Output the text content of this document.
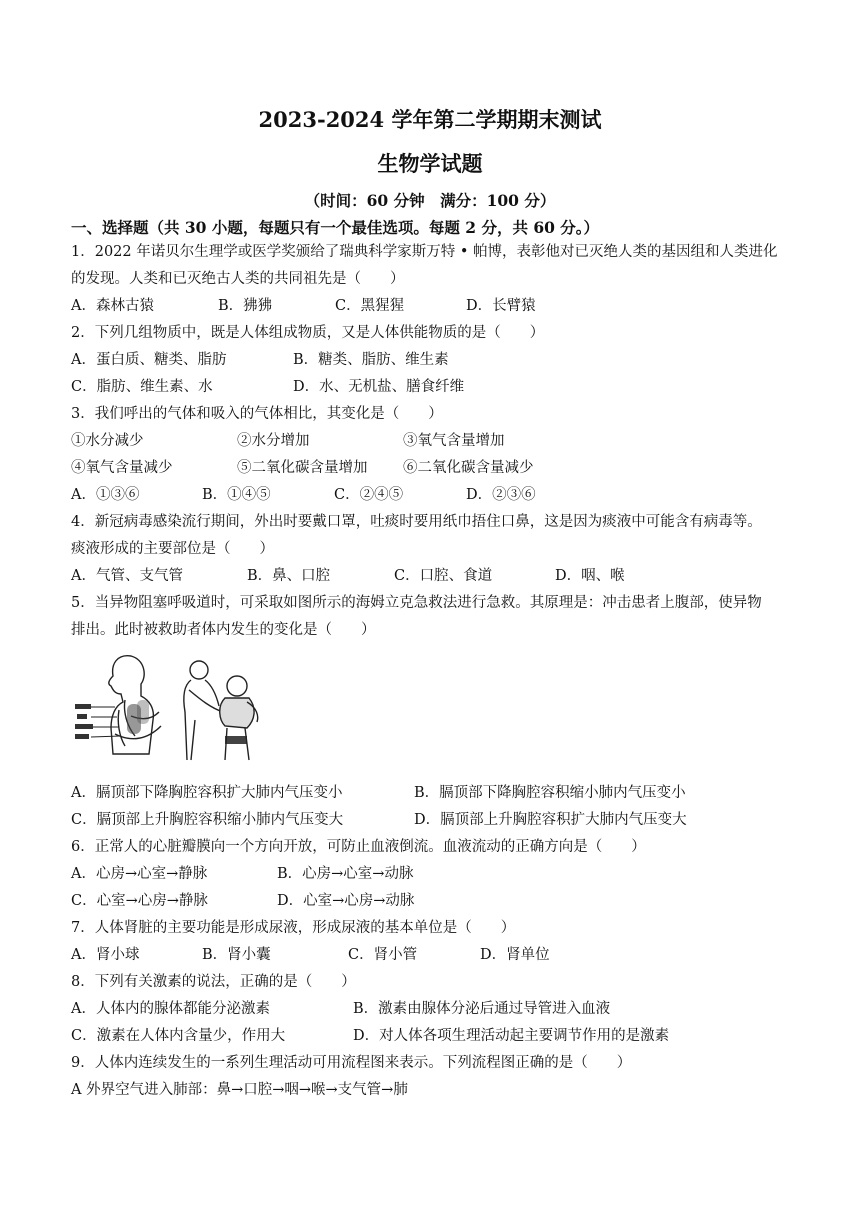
2023-2024 学年第二学期期末测试
生物学试题
（时间：60 分钟　满分：100 分）
一、选择题（共 30 小题，每题只有一个最佳选项。每题 2 分，共 60 分。）
1．2022 年诺贝尔生理学或医学奖颁给了瑞典科学家斯万特 • 帕博，表彰他对已灭绝人类的基因组和人类进化
的发现。人类和已灭绝古人类的共同祖先是（　　）
A．森林古猿	B．狒狒	C．黑猩猩	D．长臂猿
2．下列几组物质中，既是人体组成物质，又是人体供能物质的是（　　）
A．蛋白质、糖类、脂肪	B．糖类、脂肪、维生素
C．脂肪、维生素、水	D．水、无机盐、膳食纤维
3．我们呼出的气体和吸入的气体相比，其变化是（　　）
①水分减少	②水分增加	③氧气含量增加
④氧气含量减少	⑤二氧化碳含量增加 ⑥二氧化碳含量减少
A．①③⑥	B．①④⑤	C．②④⑤	D．②③⑥
4．新冠病毒感染流行期间，外出时要戴口罩，吐痰时要用纸巾捂住口鼻，这是因为痰液中可能含有病毒等。
痰液形成的主要部位是（　　）
A．气管、支气管	B．鼻、口腔	C．口腔、食道	D．咽、喉
5．当异物阻塞呼吸道时，可采取如图所示的海姆立克急救法进行急救。其原理是：冲击患者上腹部，使异物
排出。此时被救助者体内发生的变化是（　　）
A．膈顶部下降胸腔容积扩大肺内气压变小	B．膈顶部下降胸腔容积缩小肺内气压变小
C．膈顶部上升胸腔容积缩小肺内气压变大	D．膈顶部上升胸腔容积扩大肺内气压变大
6．正常人的心脏瓣膜向一个方向开放，可防止血液倒流。血液流动的正确方向是（　　）
A．心房→心室→静脉	B．心房→心室→动脉
C．心室→心房→静脉	D．心室→心房→动脉
7．人体肾脏的主要功能是形成尿液，形成尿液的基本单位是（　　）
A．肾小球	B．肾小囊	C．肾小管	D．肾单位
8．下列有关激素的说法，正确的是（　　）
A．人体内的腺体都能分泌激素	B．激素由腺体分泌后通过导管进入血液
C．激素在人体内含量少，作用大	D．对人体各项生理活动起主要调节作用的是激素
9．人体内连续发生的一系列生理活动可用流程图来表示。下列流程图正确的是（　　）
A 外界空气进入肺部：鼻→口腔→咽→喉→支气管→肺
